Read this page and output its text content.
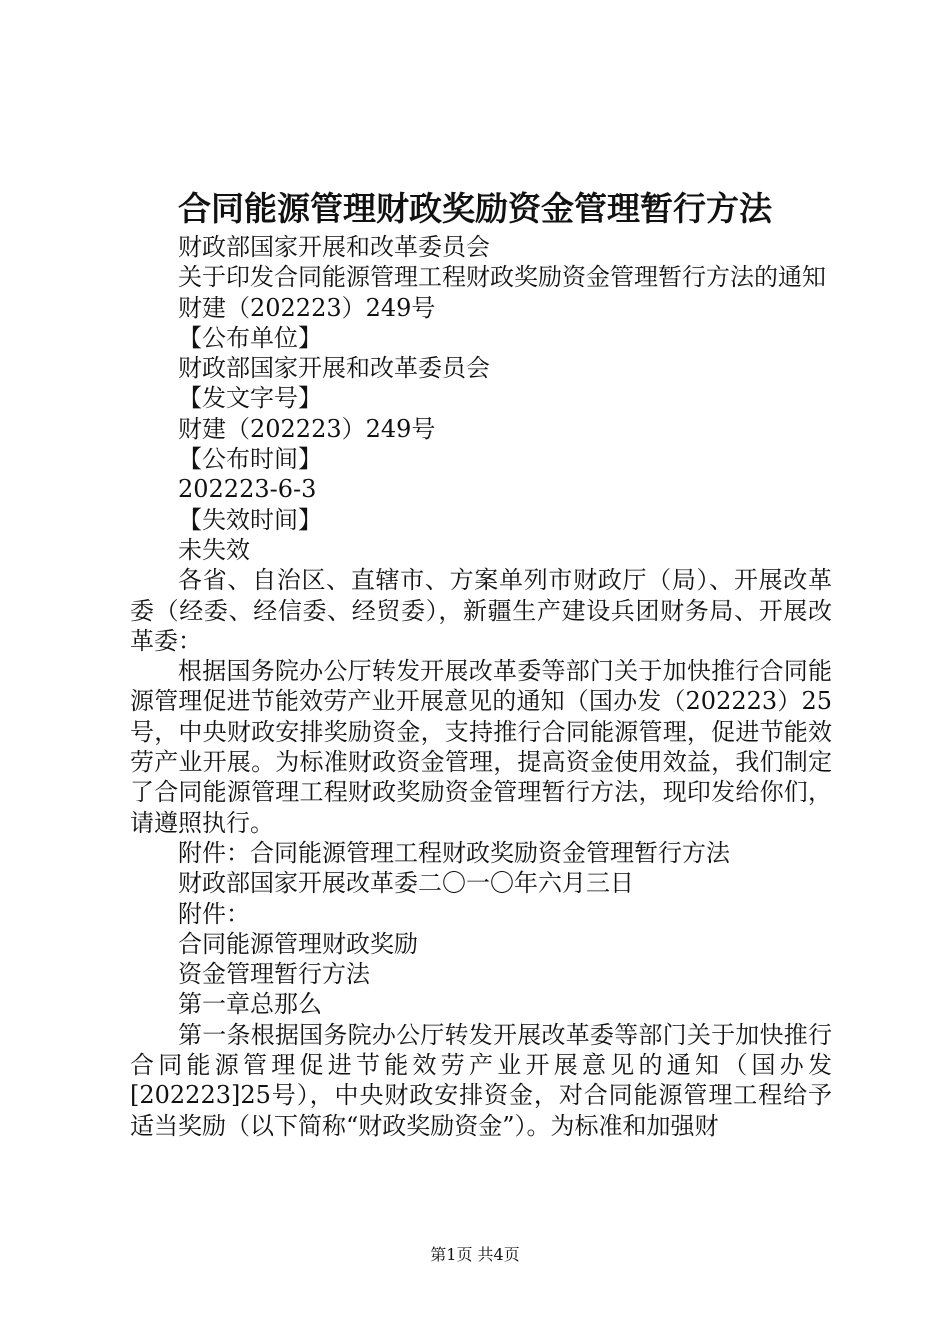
合同能源管理财政奖励资金管理暂行方法

财政部国家开展和改革委员会

关于印发合同能源管理工程财政奖励资金管理暂行方法的通知

财建（202223）249号

【公布单位】

财政部国家开展和改革委员会

【发文字号】

财建（202223）249号

【公布时间】

202223-6-3

【失效时间】

未失效

各省、自治区、直辖市、方案单列市财政厅（局）、开展改革委（经委、经信委、经贸委），新疆生产建设兵团财务局、开展改革委：

根据国务院办公厅转发开展改革委等部门关于加快推行合同能源管理促进节能效劳产业开展意见的通知（国办发（202223）25号，中央财政安排奖励资金，支持推行合同能源管理，促进节能效劳产业开展。为标准财政资金管理，提高资金使用效益，我们制定了合同能源管理工程财政奖励资金管理暂行方法，现印发给你们，请遵照执行。

附件：合同能源管理工程财政奖励资金管理暂行方法

财政部国家开展改革委二〇一〇年六月三日

附件：

合同能源管理财政奖励

资金管理暂行方法

第一章总那么

第一条根据国务院办公厅转发开展改革委等部门关于加快推行合同能源管理促进节能效劳产业开展意见的通知（国办发[202223]25号），中央财政安排资金，对合同能源管理工程给予适当奖励（以下简称“财政奖励资金”）。为标准和加强财

第1页 共4页
